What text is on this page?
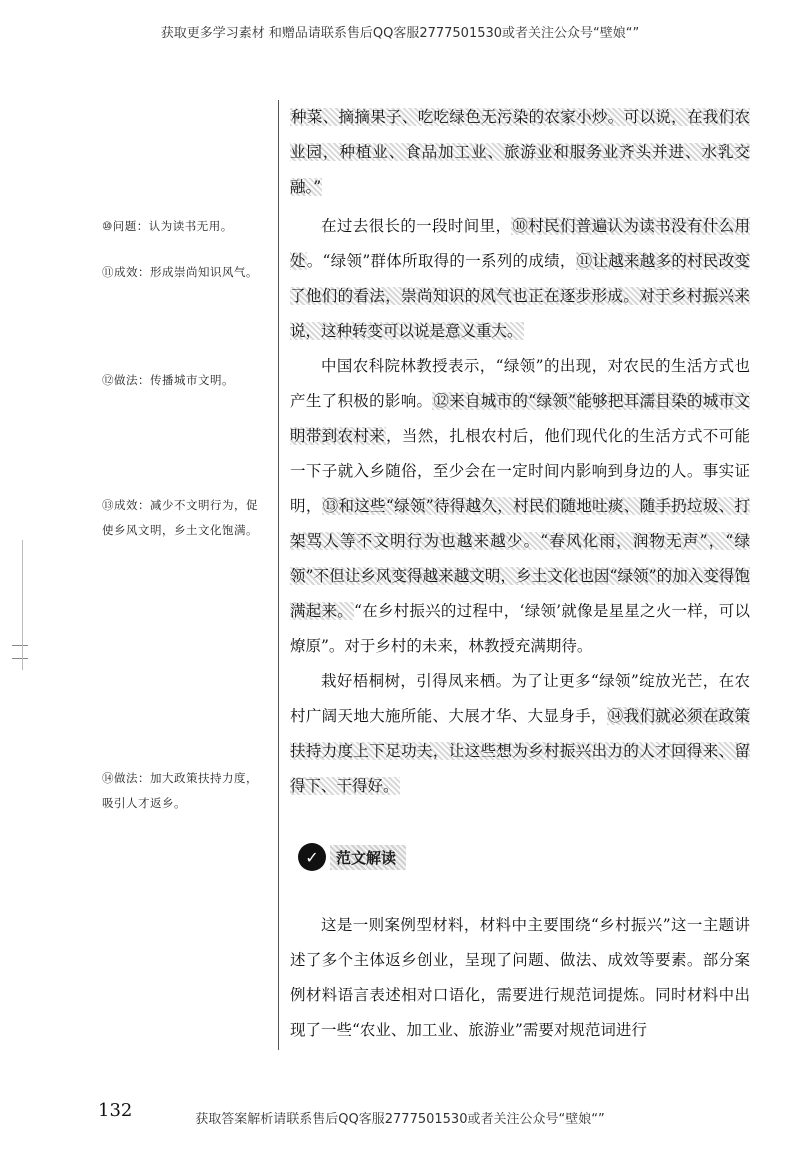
获取更多学习素材 和赠品请联系售后QQ客服2777501530或者关注公众号“壁娘“”
⑩问题：认为读书无用。
⑪成效：形成崇尚知识风气。
⑫做法：传播城市文明。
⑬成效：减少不文明行为，促使乡风文明，乡土文化饱满。
⑭做法：加大政策扶持力度，吸引人才返乡。

种菜、摘摘果子、吃吃绿色无污染的农家小炒。可以说，在我们农业园，种植业、食品加工业、旅游业和服务业齐头并进、水乳交融。”

在过去很长的一段时间里，⑩村民们普遍认为读书没有什么用处。“绿领”群体所取得的一系列的成绩，⑪让越来越多的村民改变了他们的看法，崇尚知识的风气也正在逐步形成。对于乡村振兴来说，这种转变可以说是意义重大。

中国农科院林教授表示，“绿领”的出现，对农民的生活方式也产生了积极的影响。⑫来自城市的“绿领”能够把耳濡目染的城市文明带到农村来，当然，扎根农村后，他们现代化的生活方式不可能一下子就入乡随俗，至少会在一定时间内影响到身边的人。事实证明，⑬和这些“绿领”待得越久，村民们随地吐痰、随手扔垃圾、打架骂人等不文明行为也越来越少。“春风化雨，润物无声”，“绿领”不但让乡风变得越来越文明，乡土文化也因“绿领”的加入变得饱满起来。“在乡村振兴的过程中，‘绿领’就像是星星之火一样，可以燎原”。对于乡村的未来，林教授充满期待。

栽好梧桐树，引得凤来栖。为了让更多“绿领”绽放光芒，在农村广阔天地大施所能、大展才华、大显身手，⑭我们就必须在政策扶持力度上下足功夫，让这些想为乡村振兴出力的人才回得来、留得下、干得好。

✓	范文解读

这是一则案例型材料，材料中主要围绕“乡村振兴”这一主题讲述了多个主体返乡创业，呈现了问题、做法、成效等要素。部分案例材料语言表述相对口语化，需要进行规范词提炼。同时材料中出现了一些“农业、加工业、旅游业”需要对规范词进行

132	获取答案解析请联系售后QQ客服2777501530或者关注公众号“壁娘“”
